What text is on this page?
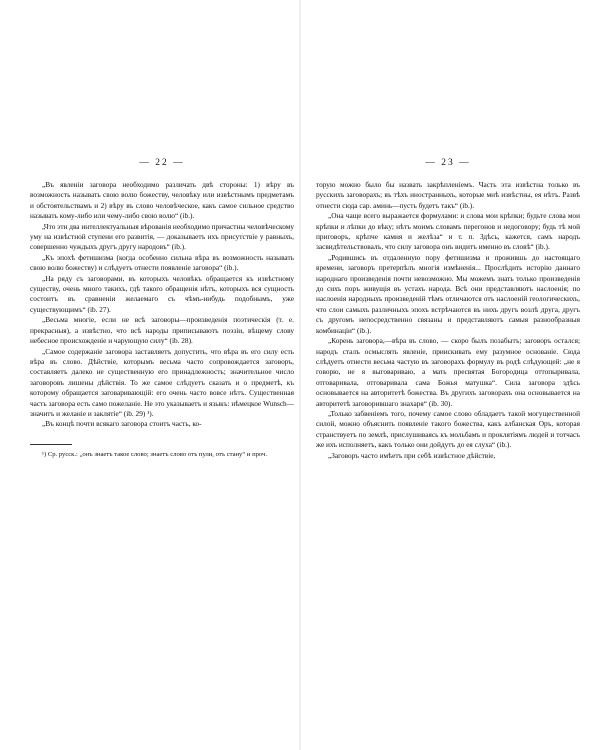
— 22 —

„Въ явленіи заговора необходимо различать двѣ стороны: 1) вѣру въ возможность называть свою волю божеству, человѣку или извѣстнымъ предметамъ и обстоятельствамъ и 2) вѣру въ слово человѣческое, какъ самое сильное средство называть кому-либо или чему-либо свою волю“ (ib.).

„Что эти два интеллектуальныя вѣрованія необходимо причастны человѣческому уму на извѣстной ступени его развитія, — доказываетъ ихъ присутствіе у равныхъ, совершенно чуждыхъ другъ другу народовъ“ (ib.).

„Къ эпохѣ фетишизма (когда особенно сильна вѣра въ возможность называть свою волю божеству) и слѣдуетъ отнести появленіе заговора“ (ib.).

„На ряду съ заговорами, въ которыхъ человѣкъ обращается къ извѣстному существу, очень много такихъ, гдѣ такого обращенія нѣтъ, которыхъ вся сущность состоитъ въ сравненіи желаемаго съ чѣмъ-нибудь подобнымъ, уже существующимъ“ (ib. 27).

„Весьма многіе, если не всѣ заговоры—произведенія поэтическія (т. е. прекрасныя), а извѣстно, что всѣ народы приписываютъ поэзіи, вѣщему слову небесное происхожденіе и чарующую силу“ (ib. 28).

„Самое содержаніе заговора заставляетъ допустить, что вѣра въ его силу есть вѣра въ слово. Дѣйствіе, которымъ весьма часто сопровождается заговоръ, составляетъ далеко не существенную его принадлежность; значительное число заговоровъ лишены дѣйствія. То же самое слѣдуетъ сказать и о предметѣ, къ которому обращается заговаривающій: его очень часто вовсе нѣтъ. Существенная часть заговора есть само пожеланіе. Не это указываетъ и языкъ: нѣмецкое Wunsch—значитъ и желаніе и заклятіе“ (ib. 29) ¹).

„Въ концѣ почти всякаго заговора стоитъ часть, ко-

¹) Ср. русск.: „онъ знаетъ такое слово; знаетъ слово отъ пули, отъ стану“ и проч.
— 23 —

торую можно было бы назвать закрѣпленіемъ. Часть эта извѣстна только въ русскихъ заговорахъ; въ тѣхъ иностранныхъ, которые мнѣ извѣстны, ея нѣтъ. Развѣ отнести сюда сар. аминь—пусть будетъ такъ“ (ib.).

„Она чаще всего выражается формулами: и слова мои крѣпки; будьте слова мои крѣпки и лѣпки до вѣку; нѣтъ моимъ словамъ перегонов и недоговору; будь тѣ мой приговоръ, крѣпче камня и желѣза“ и т. п. Здѣсь, кажется, самъ народъ засвидѣтельствовалъ, что силу заговора онъ видитъ именно въ словѣ“ (ib.).

„Родившись въ отдаленную пору фетишизма и прожившь до настоящаго времени, заговоръ претерпѣлъ многія измѣненія... Прослѣдить исторію даннаго народнаго произведенія почти невозможно. Мы можемъ знать только произведенія до сихъ поръ живущія въ устахъ народа. Всѣ они представляютъ наслоенія; по наслоенія народныхъ произведеній тѣмъ отличаются отъ наслоеній геологическихъ, что слои самыхъ различныхъ эпохъ встрѣчаются въ нихъ другъ возлѣ друга, другъ съ другомъ непосредственно связаны и представляютъ самыя разнообразныя комбинаціи“ (ib.).

„Корень заговора,—вѣра въ слово, — скоро былъ позабытъ; заговоръ остался; народъ сталъ осмыслять явленіе, приискивать ему разумное основаніе. Сюда слѣдуетъ отнести весьма частую въ заговорахъ формулу въ родѣ слѣдующей: „не я говорю, не я выговариваю, а мать пресвятая Богородица оттопыривала, отговаривала, отговаривала сама Божья матушка“. Сила заговора здѣсь основывается на авторитетѣ божества. Въ другихъ заговорахъ она основывается на авторитетѣ заговорившаго знахаря“ (ib. 30).

„Только забвеніемъ того, почему самое слово обладаетъ такой могущественной силой, можно объяснить появленіе такого божества, какъ албанская Оръ, которая странствуетъ по землѣ, прислушиваясь къ мольбамъ и проклятіямъ людей и тотчасъ же ихъ исполняетъ, какъ только они дойдутъ до ея слуха“ (ib.).

„Заговоръ часто имѣетъ при себѣ извѣстное дѣйствіе,
